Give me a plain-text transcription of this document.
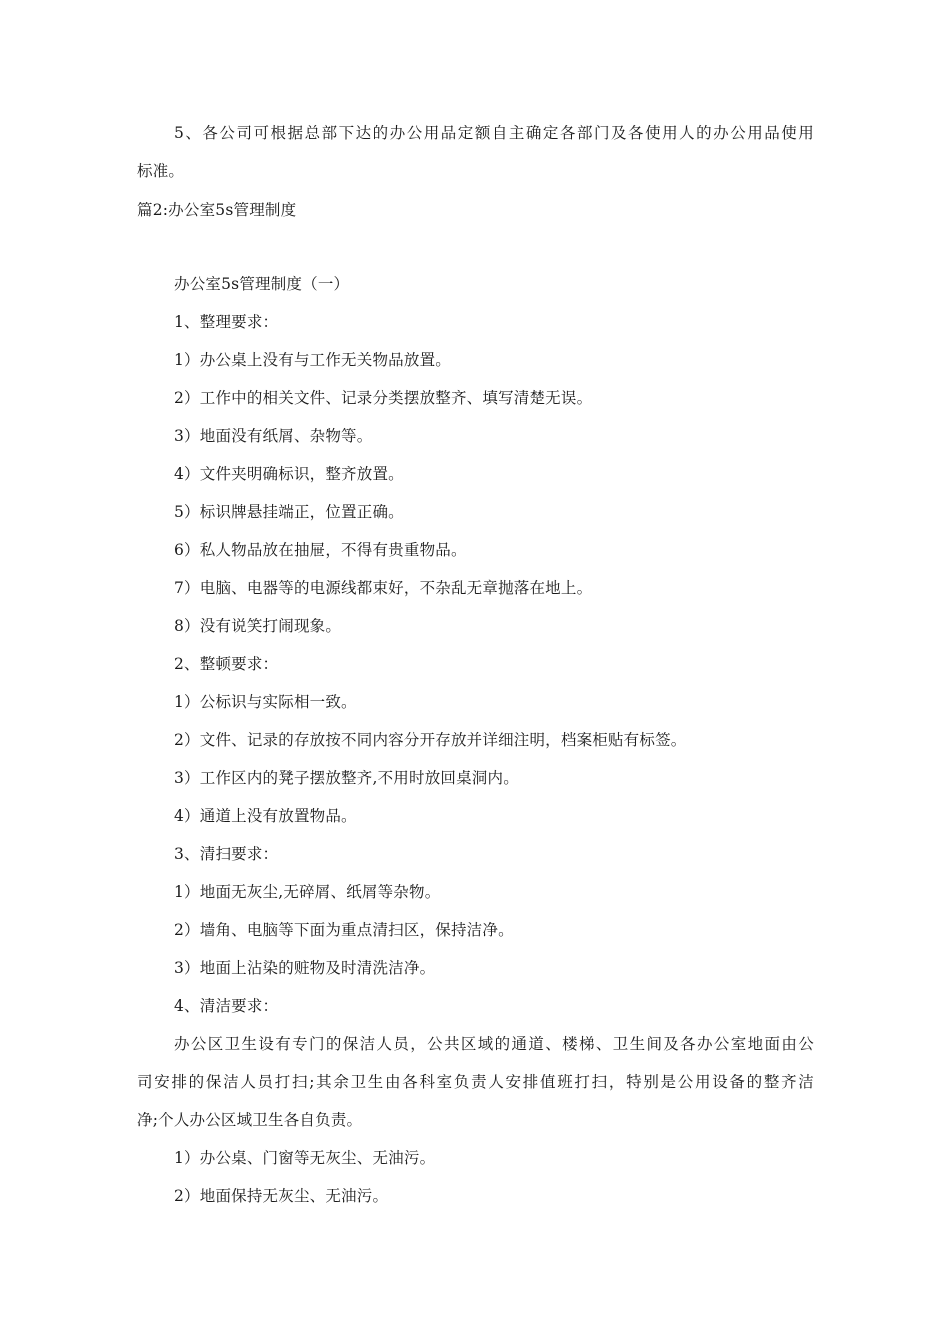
5、各公司可根据总部下达的办公用品定额自主确定各部门及各使用人的办公用品使用
标准。
篇2:办公室5s管理制度
办公室5s管理制度（一）
1、整理要求：
1）办公桌上没有与工作无关物品放置。
2）工作中的相关文件、记录分类摆放整齐、填写清楚无误。
3）地面没有纸屑、杂物等。
4）文件夹明确标识，整齐放置。
5）标识牌悬挂端正，位置正确。
6）私人物品放在抽屉，不得有贵重物品。
7）电脑、电器等的电源线都束好，不杂乱无章抛落在地上。
8）没有说笑打闹现象。
2、整顿要求：
1）公标识与实际相一致。
2）文件、记录的存放按不同内容分开存放并详细注明，档案柜贴有标签。
3）工作区内的凳子摆放整齐,不用时放回桌洞内。
4）通道上没有放置物品。
3、清扫要求：
1）地面无灰尘,无碎屑、纸屑等杂物。
2）墙角、电脑等下面为重点清扫区，保持洁净。
3）地面上沾染的赃物及时清洗洁净。
4、清洁要求：
办公区卫生设有专门的保洁人员，公共区域的通道、楼梯、卫生间及各办公室地面由公
司安排的保洁人员打扫;其余卫生由各科室负责人安排值班打扫，特别是公用设备的整齐洁
净;个人办公区域卫生各自负责。
1）办公桌、门窗等无灰尘、无油污。
2）地面保持无灰尘、无油污。
